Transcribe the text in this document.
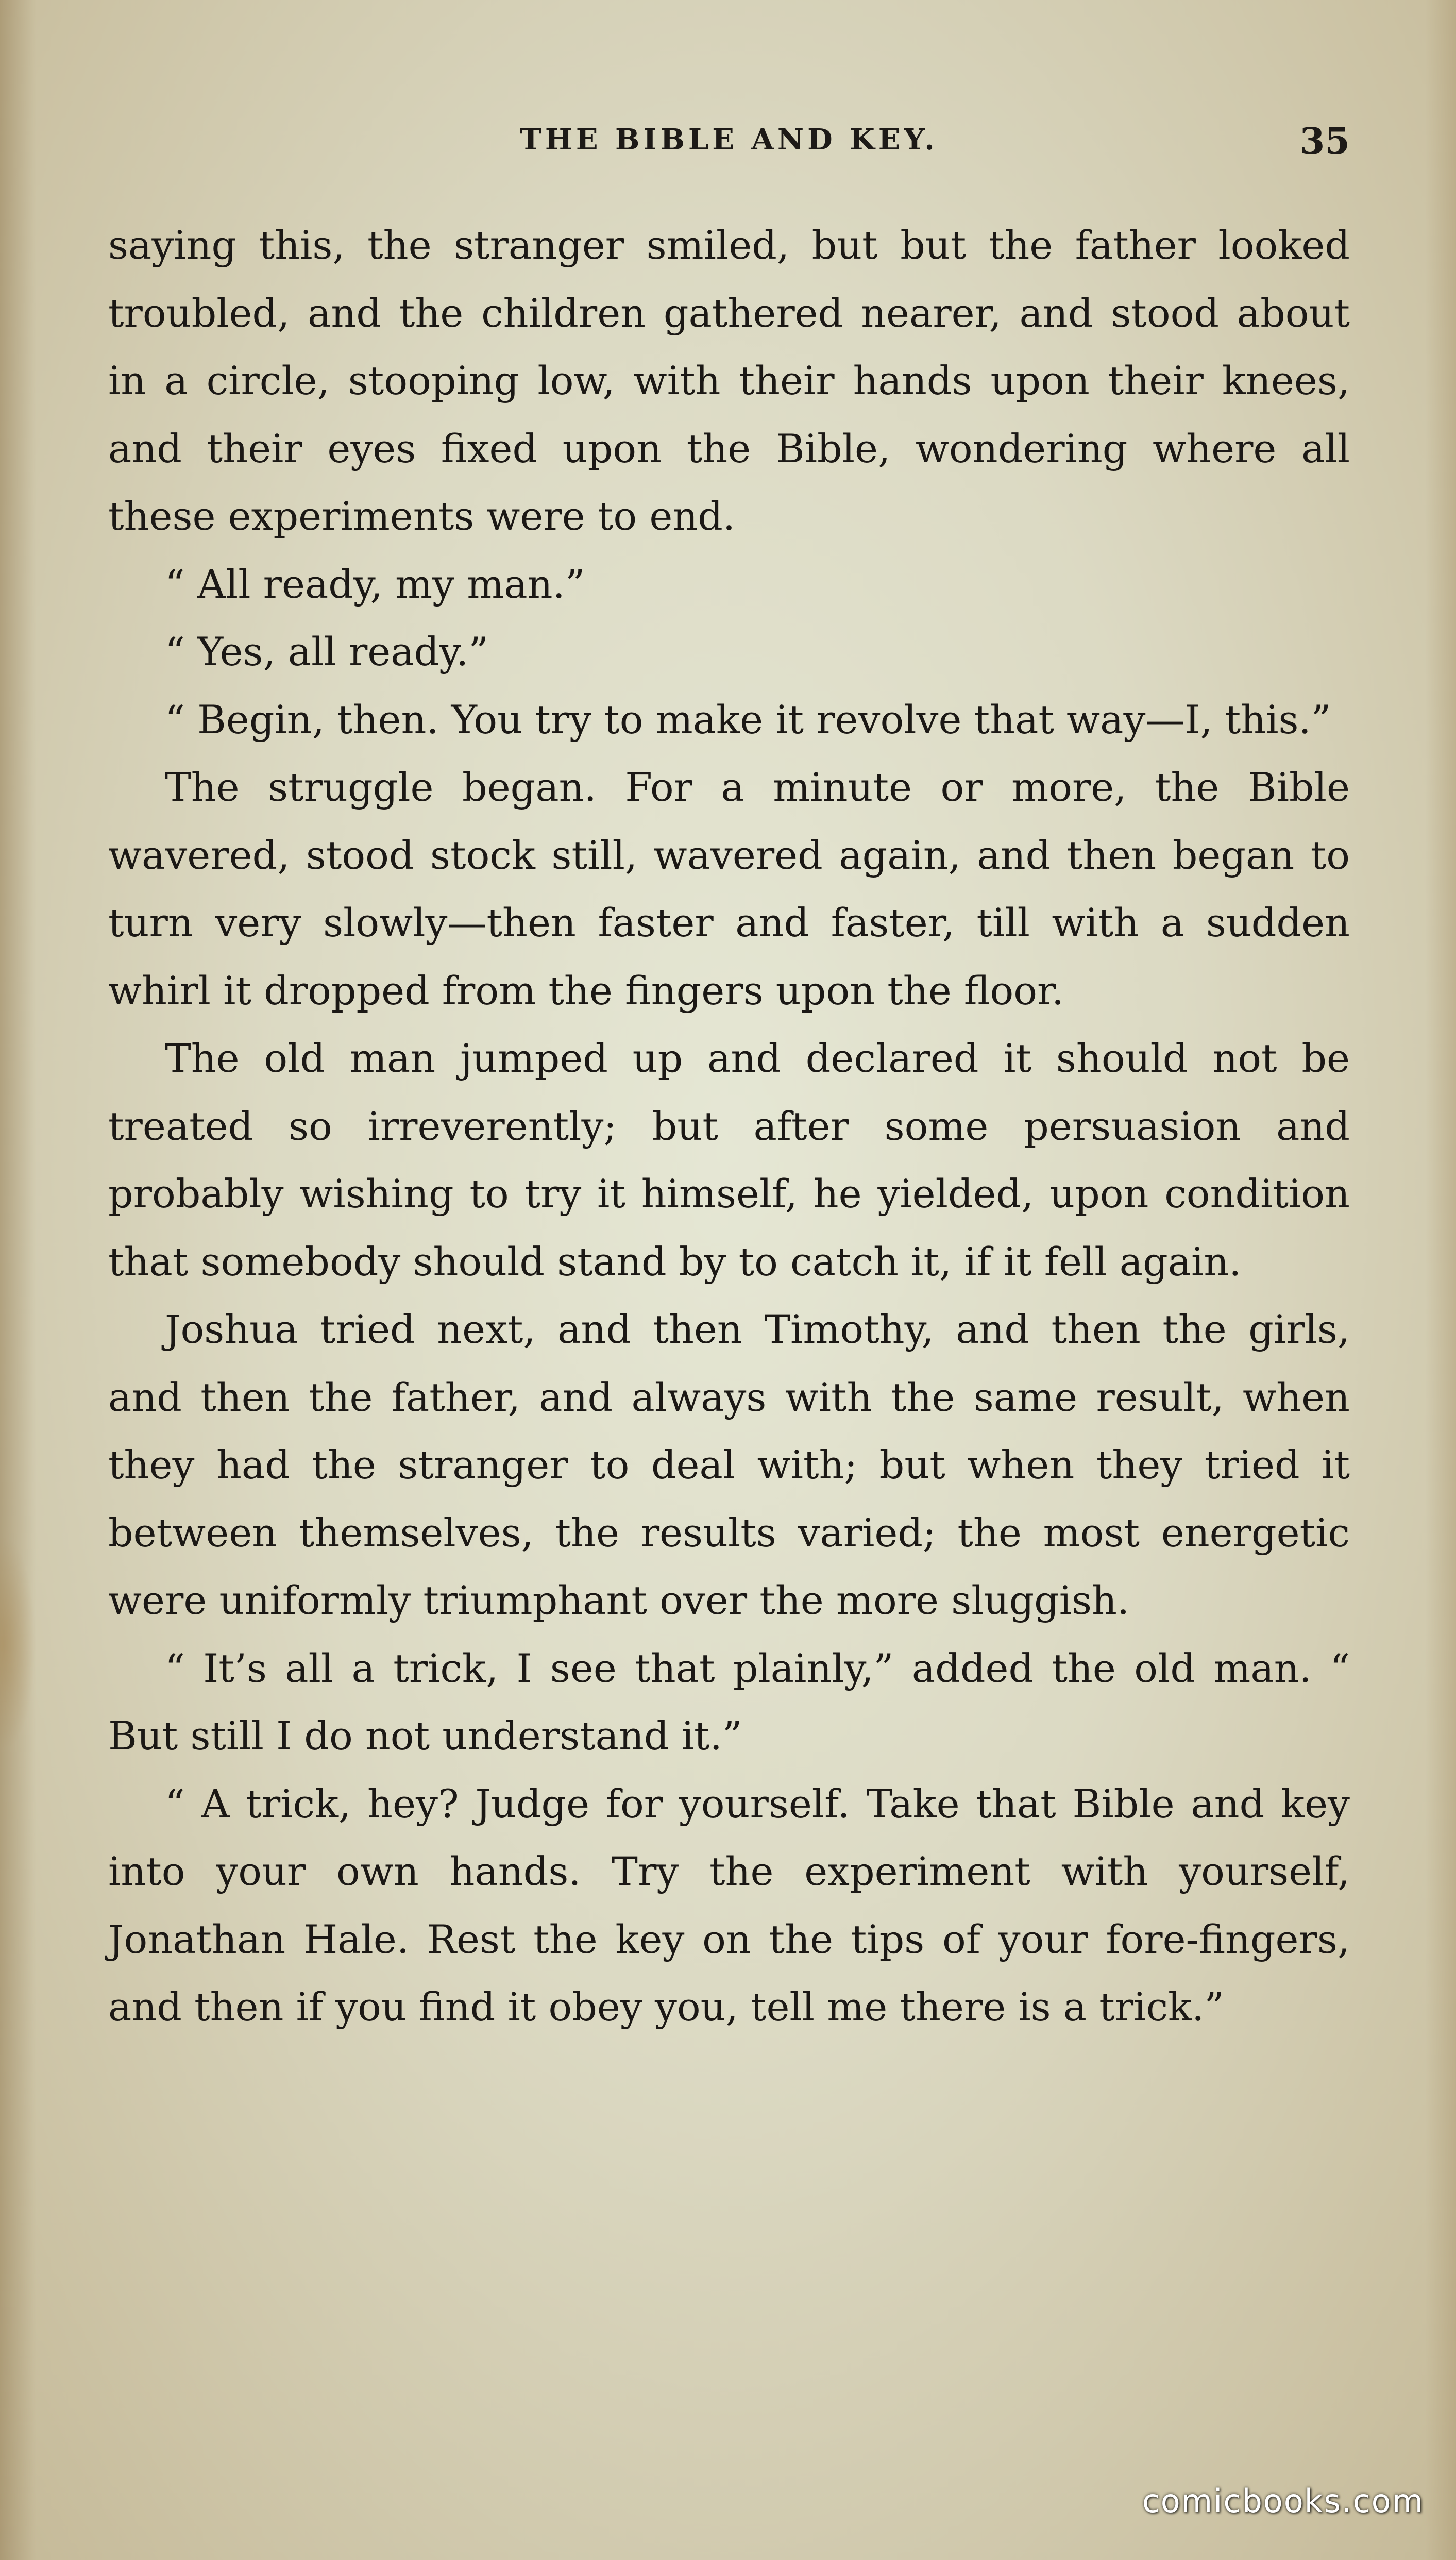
THE BIBLE AND KEY.	35

saying this, the stranger smiled, but but the father looked troubled, and the children gathered nearer, and stood about in a circle, stooping low, with their hands upon their knees, and their eyes fixed upon the Bible, wondering where all these experiments were to end.

“ All ready, my man.”

“ Yes, all ready.”

“ Begin, then. You try to make it revolve that way—I, this.”

The struggle began. For a minute or more, the Bible wavered, stood stock still, wavered again, and then began to turn very slowly—then faster and faster, till with a sudden whirl it dropped from the fingers upon the floor.

The old man jumped up and declared it should not be treated so irreverently; but after some persuasion and probably wishing to try it himself, he yielded, upon condition that somebody should stand by to catch it, if it fell again.

Joshua tried next, and then Timothy, and then the girls, and then the father, and always with the same result, when they had the stranger to deal with; but when they tried it between themselves, the results varied; the most energetic were uniformly triumphant over the more sluggish.

“ It’s all a trick, I see that plainly,” added the old man. “ But still I do not understand it.”

“ A trick, hey? Judge for yourself. Take that Bible and key into your own hands. Try the experiment with yourself, Jonathan Hale. Rest the key on the tips of your fore-fingers, and then if you find it obey you, tell me there is a trick.”

comicbooks.com
